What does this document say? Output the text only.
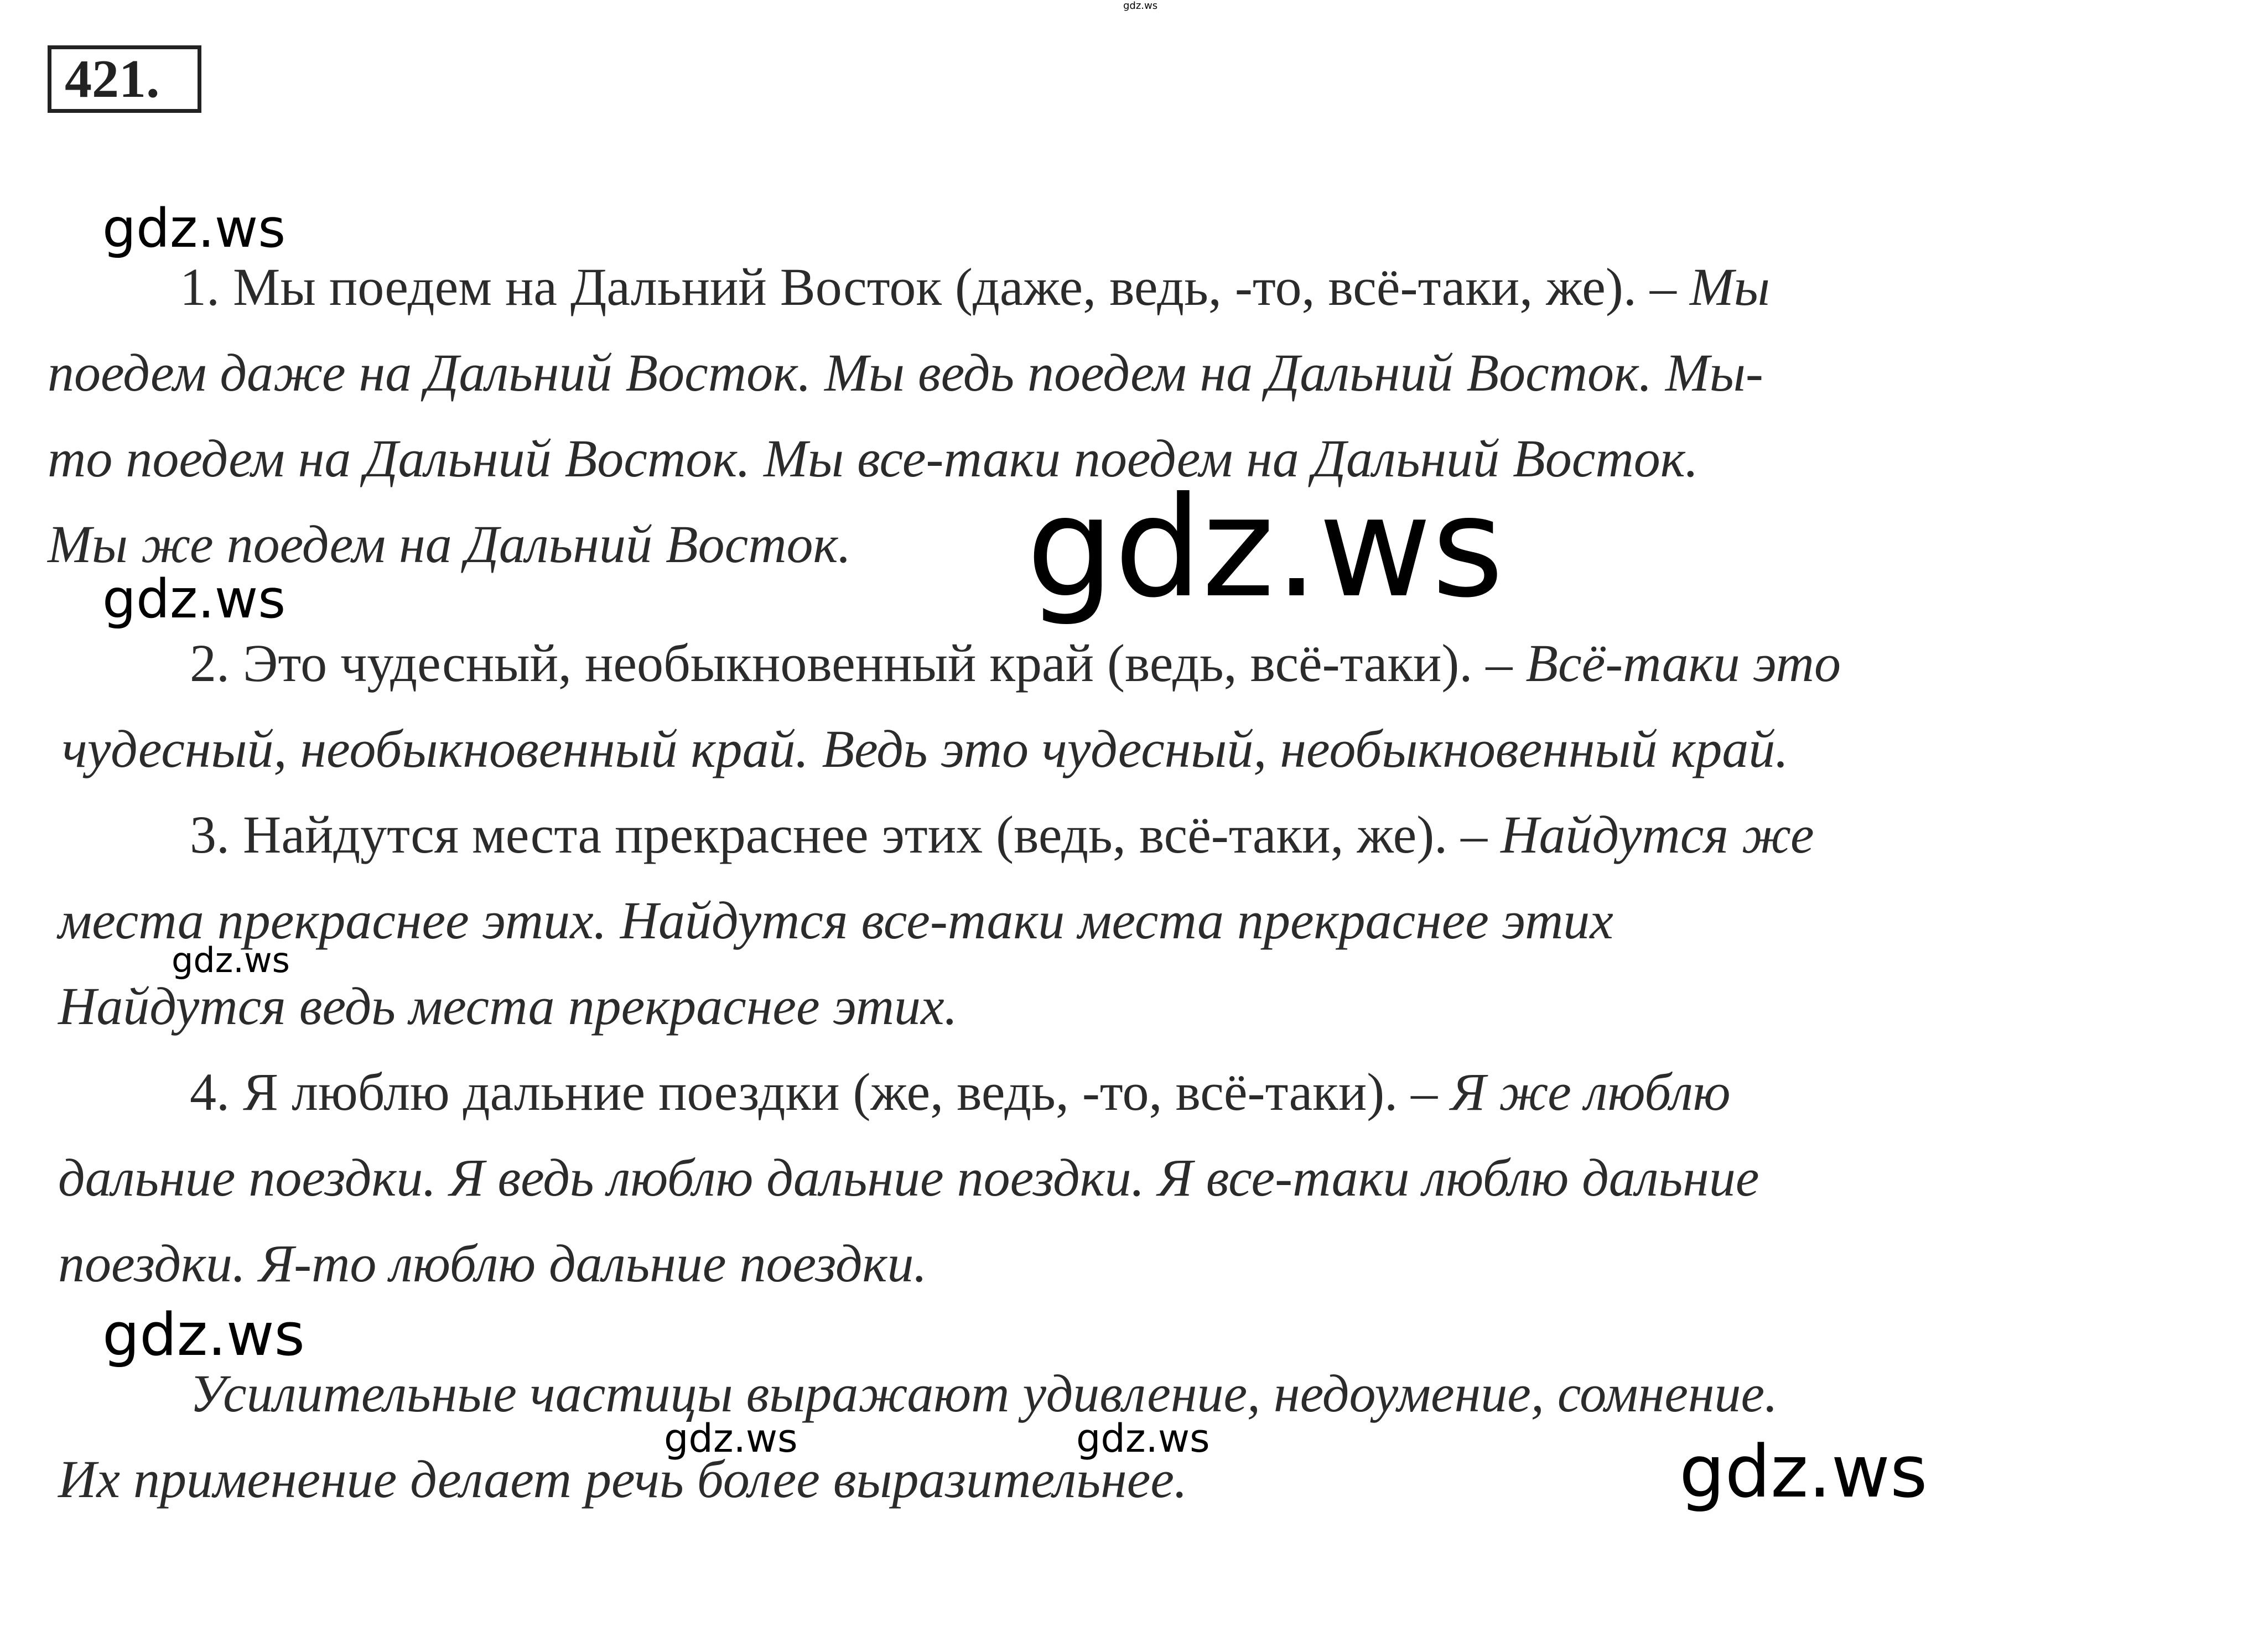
421.
1. Мы поедем на Дальний Восток (даже, ведь, -то, всё-таки, же). – Мы
поедем даже на Дальний Восток. Мы ведь поедем на Дальний Восток. Мы-
то поедем на Дальний Восток. Мы все-таки поедем на Дальний Восток.
Мы же поедем на Дальний Восток.
2. Это чудесный, необыкновенный край (ведь, всё-таки). – Всё-таки это
чудесный, необыкновенный край. Ведь это чудесный, необыкновенный край.
3. Найдутся места прекраснее этих (ведь, всё-таки, же). – Найдутся же
места прекраснее этих. Найдутся все-таки места прекраснее этих
Найдутся ведь места прекраснее этих.
4. Я люблю дальние поездки (же, ведь, -то, всё-таки). – Я же люблю
дальние поездки. Я ведь люблю дальние поездки. Я все-таки люблю дальние
поездки. Я-то люблю дальние поездки.
Усилительные частицы выражают удивление, недоумение, сомнение.
Их применение делает речь более выразительнее.
gdz.ws
gdz.ws
gdz.ws
gdz.ws
gdz.ws
gdz.ws
gdz.ws	gdz.ws	gdz.ws
